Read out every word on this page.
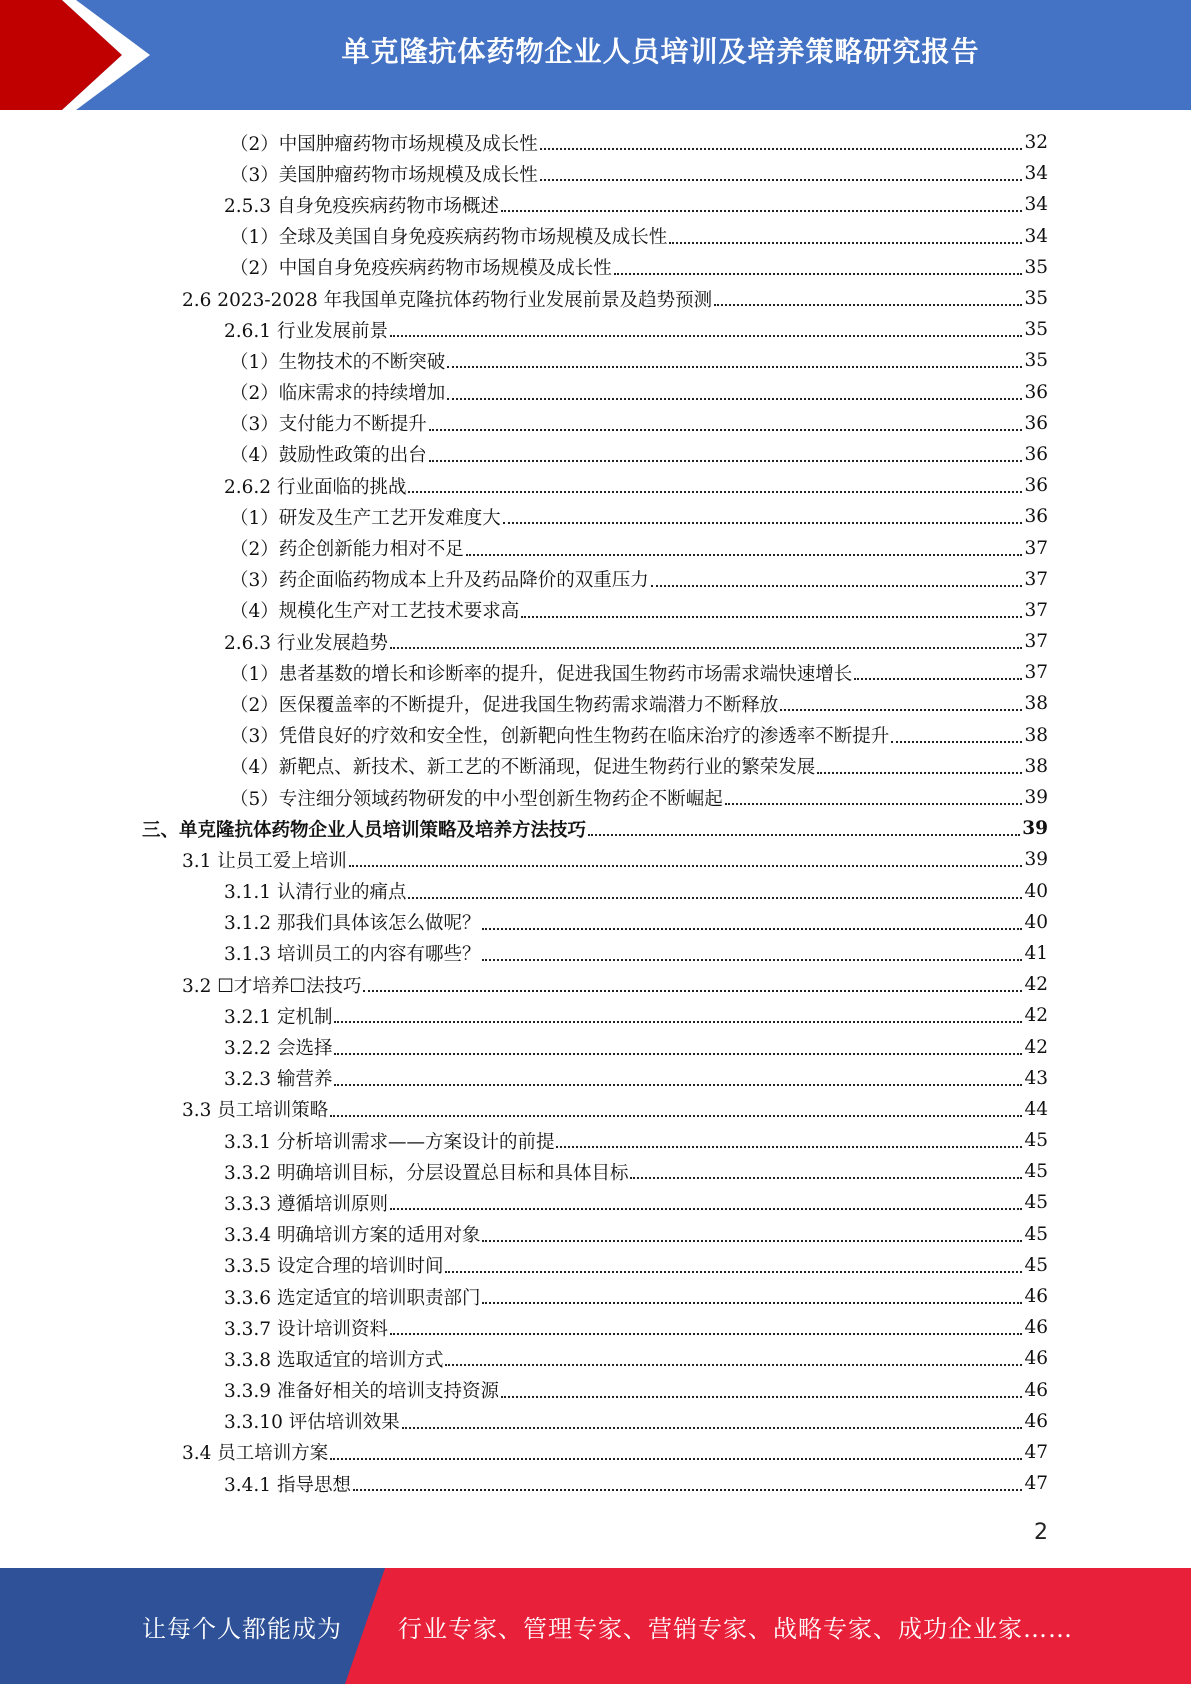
单克隆抗体药物企业人员培训及培养策略研究报告
（2）中国肿瘤药物市场规模及成长性	32
（3）美国肿瘤药物市场规模及成长性	34
2.5.3 自身免疫疾病药物市场概述	34
（1）全球及美国自身免疫疾病药物市场规模及成长性	34
（2）中国自身免疫疾病药物市场规模及成长性	35
2.6 2023-2028 年我国单克隆抗体药物行业发展前景及趋势预测	35
2.6.1 行业发展前景	35
（1）生物技术的不断突破	35
（2）临床需求的持续增加	36
（3）支付能力不断提升	36
（4）鼓励性政策的出台	36
2.6.2 行业面临的挑战	36
（1）研发及生产工艺开发难度大	36
（2）药企创新能力相对不足	37
（3）药企面临药物成本上升及药品降价的双重压力	37
（4）规模化生产对工艺技术要求高	37
2.6.3 行业发展趋势	37
（1）患者基数的增长和诊断率的提升，促进我国生物药市场需求端快速增长	37
（2）医保覆盖率的不断提升，促进我国生物药需求端潜力不断释放	38
（3）凭借良好的疗效和安全性，创新靶向性生物药在临床治疗的渗透率不断提升	38
（4）新靶点、新技术、新工艺的不断涌现，促进生物药行业的繁荣发展	38
（5）专注细分领域药物研发的中小型创新生物药企不断崛起	39
三、单克隆抗体药物企业人员培训策略及培养方法技巧	39
3.1 让员工爱上培训	39
3.1.1 认清行业的痛点	40
3.1.2 那我们具体该怎么做呢？	40
3.1.3 培训员工的内容有哪些？	41
3.2 ☐才培养☐法技巧	42
3.2.1 定机制	42
3.2.2 会选择	42
3.2.3 输营养	43
3.3 员工培训策略	44
3.3.1 分析培训需求——方案设计的前提	45
3.3.2 明确培训目标，分层设置总目标和具体目标	45
3.3.3 遵循培训原则	45
3.3.4 明确培训方案的适用对象	45
3.3.5 设定合理的培训时间	45
3.3.6 选定适宜的培训职责部门	46
3.3.7 设计培训资料	46
3.3.8 选取适宜的培训方式	46
3.3.9 准备好相关的培训支持资源	46
3.3.10 评估培训效果	46
3.4 员工培训方案	47
3.4.1 指导思想	47
2
让每个人都能成为 行业专家、管理专家、营销专家、战略专家、成功企业家……
